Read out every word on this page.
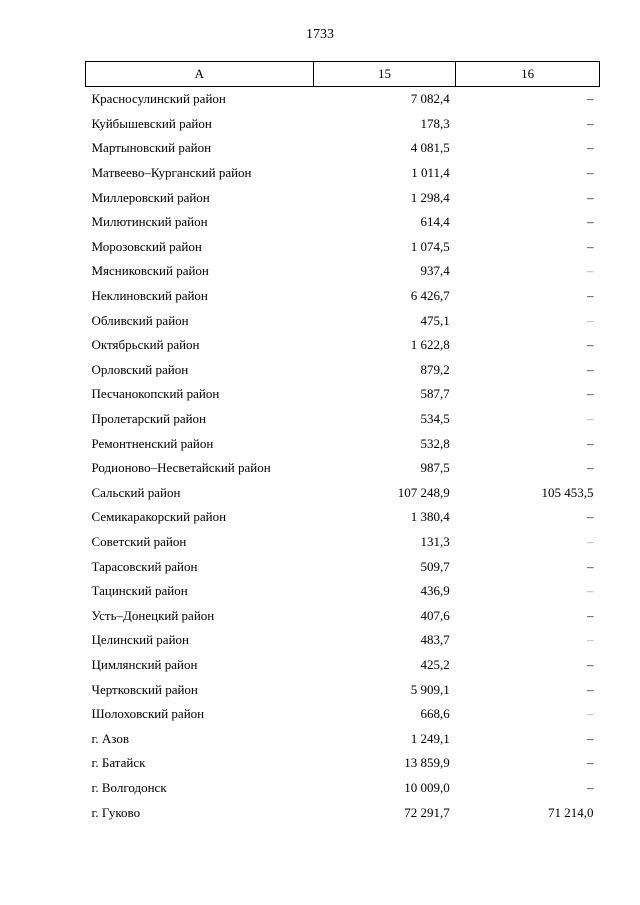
1733
А	15	16
Красносулинский район	7 082,4	–
Куйбышевский район	178,3	–
Мартыновский район	4 081,5	–
Матвеево–Курганский район	1 011,4	–
Миллеровский район	1 298,4	–
Милютинский район	614,4	–
Морозовский район	1 074,5	–
Мясниковский район	937,4	–
Неклиновский район	6 426,7	–
Обливский район	475,1	–
Октябрьский район	1 622,8	–
Орловский район	879,2	–
Песчанокопский район	587,7	–
Пролетарский район	534,5	–
Ремонтненский район	532,8	–
Родионово–Несветайский район	987,5	–
Сальский район	107 248,9	105 453,5
Семикаракорский район	1 380,4	–
Советский район	131,3	–
Тарасовский район	509,7	–
Тацинский район	436,9	–
Усть–Донецкий район	407,6	–
Целинский район	483,7	–
Цимлянский район	425,2	–
Чертковский район	5 909,1	–
Шолоховский район	668,6	–
г. Азов	1 249,1	–
г. Батайск	13 859,9	–
г. Волгодонск	10 009,0	–
г. Гуково	72 291,7	71 214,0
